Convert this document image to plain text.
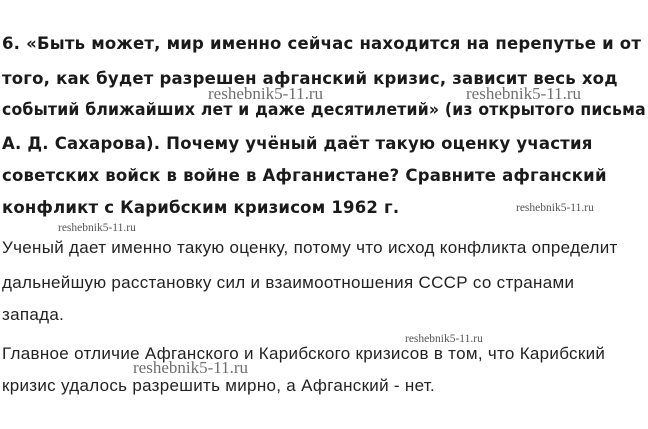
6. «Быть может, мир именно сейчас находится на перепутье и от
того, как будет разрешен афганский кризис, зависит весь ход
событий ближайших лет и даже десятилетий» (из открытого письма
А. Д. Сахарова). Почему учёный даёт такую оценку участия
советских войск в войне в Афганистане? Сравните афганский
конфликт с Карибским кризисом 1962 г.
Ученый дает именно такую оценку, потому что исход конфликта определит
дальнейшую расстановку сил и взаимоотношения СССР со странами
запада.
Главное отличие Афганского и Карибского кризисов в том, что Карибский
кризис удалось разрешить мирно, а Афганский - нет.
reshebnik5-11.ru	reshebnik5-11.ru
reshebnik5-11.ru
reshebnik5-11.ru
reshebnik5-11.ru
reshebnik5-11.ru
